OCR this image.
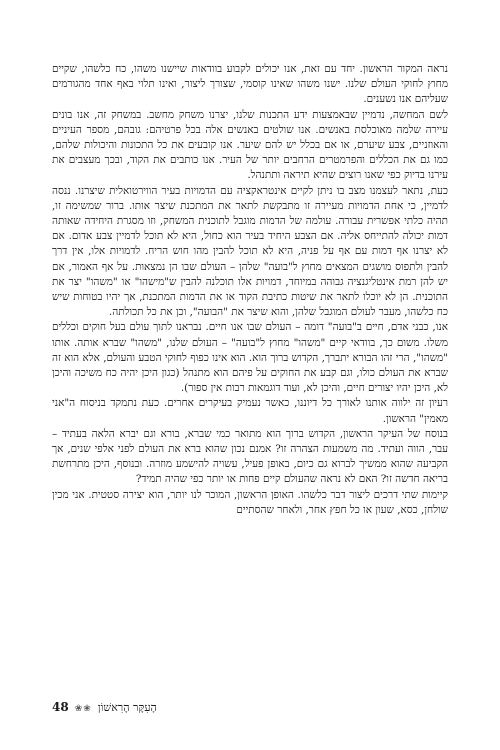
נראה המקור הראשון. יחד עם זאת, אנו יכולים לקבוע בוודאות שיישנו משהו, כח כלשהו, שקיים מחוץ לחוקי העולם שלנו. ישנו משהו שאינו קוסמי, שצורך ליצור, ואינו תלוי באף אחד מהגורמים שעליהם אנו נשענים.

לשם המחשה, נדמיין שבאמצעות ידע התכנות שלנו, יצרנו משחק מחשב. במשחק זה, אנו בונים עיירה שלמה מאוכלסת באנשים. אנו שולטים באנשים אלה בכל פרטיהם: גובהם, מספר העיניים והאוזניים, צבע שיערם, או אם בכלל יש להם שיער. אנו קובעים את כל התכונות והיכולות שלהם, כמו גם את הכללים והפרמטרים הרחבים יותר של העיר. אנו כותבים את הקוד, ובכך מעצבים את עירנו בדיוק כפי שאנו רוצים שהיא תיראה ותתנהל.

כעת, נתאר לעצמנו מצב בו ניתן לקיים אינטראקציה עם הדמויות בעיר הווירטואלית שיצרנו. ננסה לדמיין, כי אחת הדמויות מעיירה זו מתבקשת לתאר את המתכנת שיצר אותו. ברור שמשימה זו, תהיה כלתי אפשרית עבורה. עולמה של הדמות מוגבל לתוכנית המשחק, וזו מסגרת היחידה שאותה דמות יכולה להתייחס אליה. אם הצבע היחיד בעיר הוא כחול, היא לא תוכל לדמיין צבע אדום. אם לא יצרנו אף דמות עם אף על פניה, היא לא תוכל להבין מהו חוש הריח. לדמויות אלו, אין דרך להבין ולתפוס מושגים המצאים מחוץ ל"בועה" שלהן – העולם שבו הן נמצאות. על אף האמור, אם יש להן רמת אינטליגנציה גבוהה במיוחד, דמויות אלו תוכלנה להבין ש"מישהו" או "משהו" יצר את התוכנית. הן לא יוכלו לתאר את שיטות כתיבת הקוד או את הדמות המתכנת, אך יהיו בטוחות שיש כח כלשהו, מעבר לעולם המוגבל שלהן, והוא שיצר את "הבועה", וכן את כל תכולתה.

אנו, כבני אדם, חיים ב"בועה" דומה – העולם שבו אנו חיים. נבראנו לתוך עולם בעל חוקים וכללים משלו. משום כך, בוודאי קיים "משהו" מחוץ ל"בועה" – העולם שלנו, "משהו" שברא אותה. אותו "משהו", הרי זהו הבורא יתברך, הקדוש ברוך הוא. הוא אינו כפוף לחוקי הטבע והעולם, אלא הוא זה שברא את העולם כולו, וגם קבע את החוקים על פיהם הוא מתנהל (כגון היכן יהיה כח משיכה והיכן לא, היכן יהיו יצורים חיים, והיכן לא, ועוד דוגמאות רבות אין ספור).

רעיון זה ילווה אותנו לאורך כל דיוננו, כאשר נעמיק בעיקרים אחרים. כעת נתמקד בניסוח ה"אני מאמין" הראשון.

בנוסח של העיקר הראשון, הקדוש ברוך הוא מתואר כמי שברא, בורא וגם יברא הלאה בעתיד – עבר, הווה ועתיד. מה משמעות הצהרה זו? אמנם נכון שהוא ברא את העולם לפני אלפי שנים, אך הקביעה שהוא ממשיך לברוא גם כיום, באופן פעיל, עשויה להישמע מוזרה. ובנוסף, היכן מתרחשת בריאה חדשה זו? האם לא נראה שהעולם קיים פחות או יותר כפי שהיה תמיד?

קיימות שתי דרכים ליצור דבר כלשהו. האופן הראשון, המוכר לנו יותר, הוא יצירה סטטית. אני מכין שולחן, כסא, שעון או כל חפץ אחר, ולאחר שהסתיים

הָעִקָּר הָרִאשׁוֹן
❀❀
48
